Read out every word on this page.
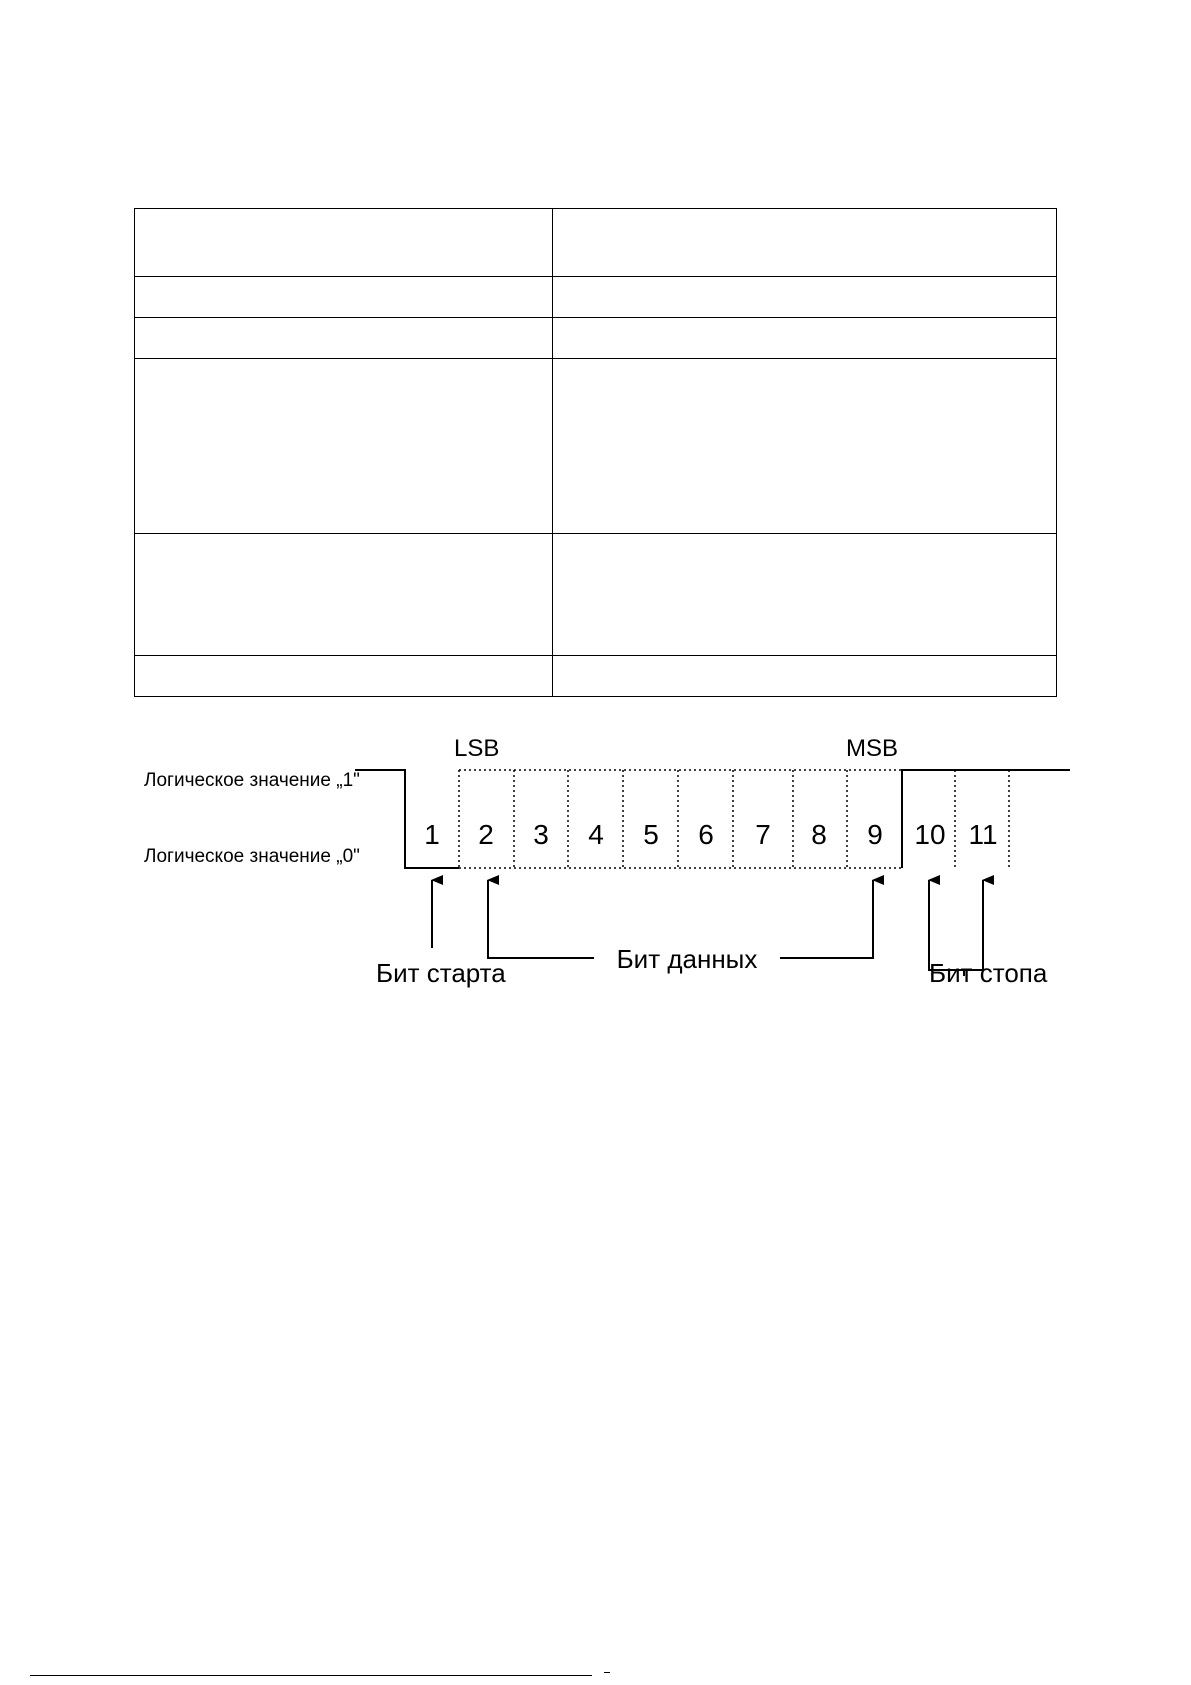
Логическое значение „1"
Логическое значение „0"
LSB	MSB
1 2 3 4 5 6 7 8 9 10 11
Бит старта	Бит данных	Бит стопа
